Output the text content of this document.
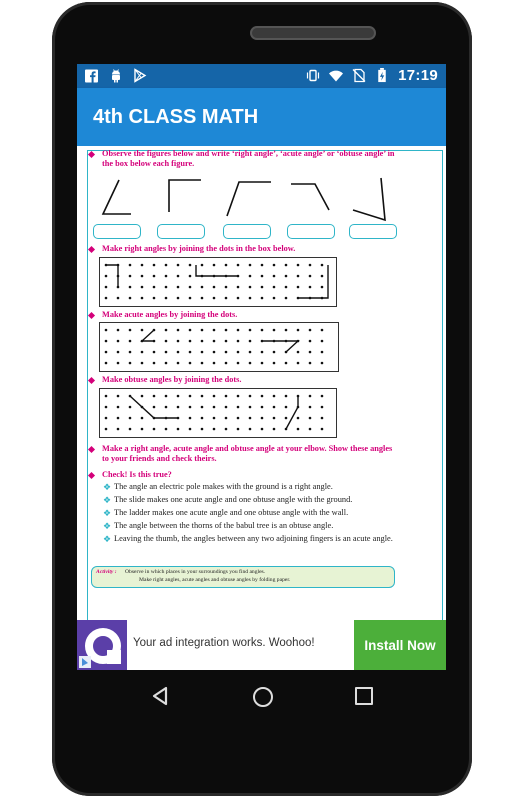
17:19
4th CLASS MATH
Observe the figures below and write ‘right angle’, ‘acute angle’ or ‘obtuse angle’ in the box below each figure.
Make right angles by joining the dots in the box below.
Make acute angles by joining the dots.
Make obtuse angles by joining the dots.
Make a right angle, acute angle and obtuse angle at your elbow. Show these angles to your friends and check theirs.
Check! Is this true?
❖ The angle an electric pole makes with the ground is a right angle.
❖ The slide makes one acute angle and one obtuse angle with the ground.
❖ The ladder makes one acute angle and one obtuse angle with the wall.
❖ The angle between the thorns of the babul tree is an obtuse angle.
❖ Leaving the thumb, the angles between any two adjoining fingers is an acute angle.
Activity : Observe in which places in your surroundings you find angles.
Make right angles, acute angles and obtuse angles by folding paper.
Your ad integration works. Woohoo!	Install Now
